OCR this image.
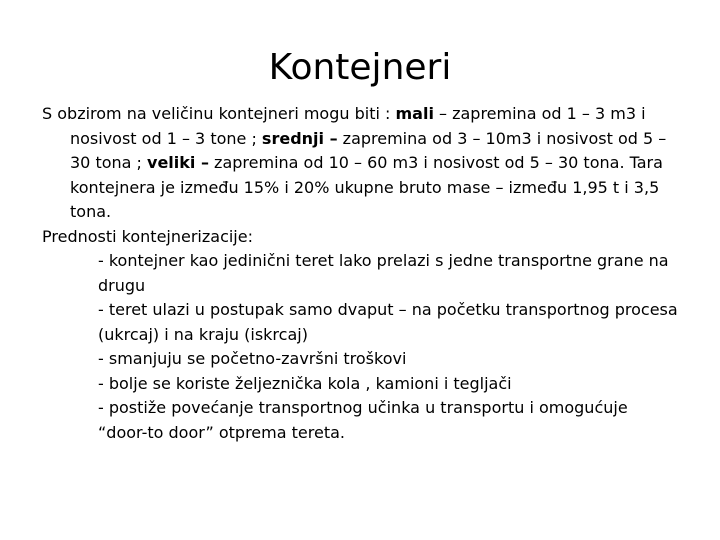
Kontejneri

S obzirom na veličinu kontejneri mogu biti : mali – zapremina od 1 – 3 m3 i nosivost od 1 – 3 tone ; srednji – zapremina od 3 – 10m3 i nosivost od 5 – 30 tona ; veliki – zapremina od 10 – 60 m3 i nosivost od 5 – 30 tona. Tara kontejnera je između 15% i 20% ukupne bruto mase – između 1,95 t i 3,5 tona.

Prednosti kontejnerizacije:
- kontejner kao jedinični teret lako prelazi s jedne transportne grane na drugu
- teret ulazi u postupak samo dvaput – na početku transportnog procesa (ukrcaj) i na kraju (iskrcaj)
- smanjuju se početno-završni troškovi
- bolje se koriste željeznička kola , kamioni i tegljači
- postiže povećanje transportnog učinka u transportu i omogućuje “door-to door” otprema tereta.
